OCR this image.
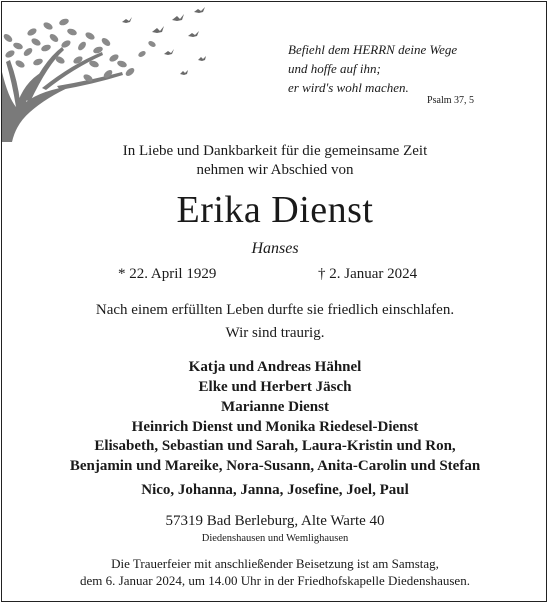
Befiehl dem HERRN deine Wege
und hoffe auf ihn;
er wird's wohl machen.
Psalm 37, 5
In Liebe und Dankbarkeit für die gemeinsame Zeit
nehmen wir Abschied von
Erika Dienst
Hanses
* 22. April 1929	† 2. Januar 2024
Nach einem erfüllten Leben durfte sie friedlich einschlafen.
Wir sind traurig.
Katja und Andreas Hähnel
Elke und Herbert Jäsch
Marianne Dienst
Heinrich Dienst und Monika Riedesel-Dienst
Elisabeth, Sebastian und Sarah, Laura-Kristin und Ron,
Benjamin und Mareike, Nora-Susann, Anita-Carolin und Stefan
Nico, Johanna, Janna, Josefine, Joel, Paul
57319 Bad Berleburg, Alte Warte 40
Diedenshausen und Wemlighausen
Die Trauerfeier mit anschließender Beisetzung ist am Samstag,
dem 6. Januar 2024, um 14.00 Uhr in der Friedhofskapelle Diedenshausen.
